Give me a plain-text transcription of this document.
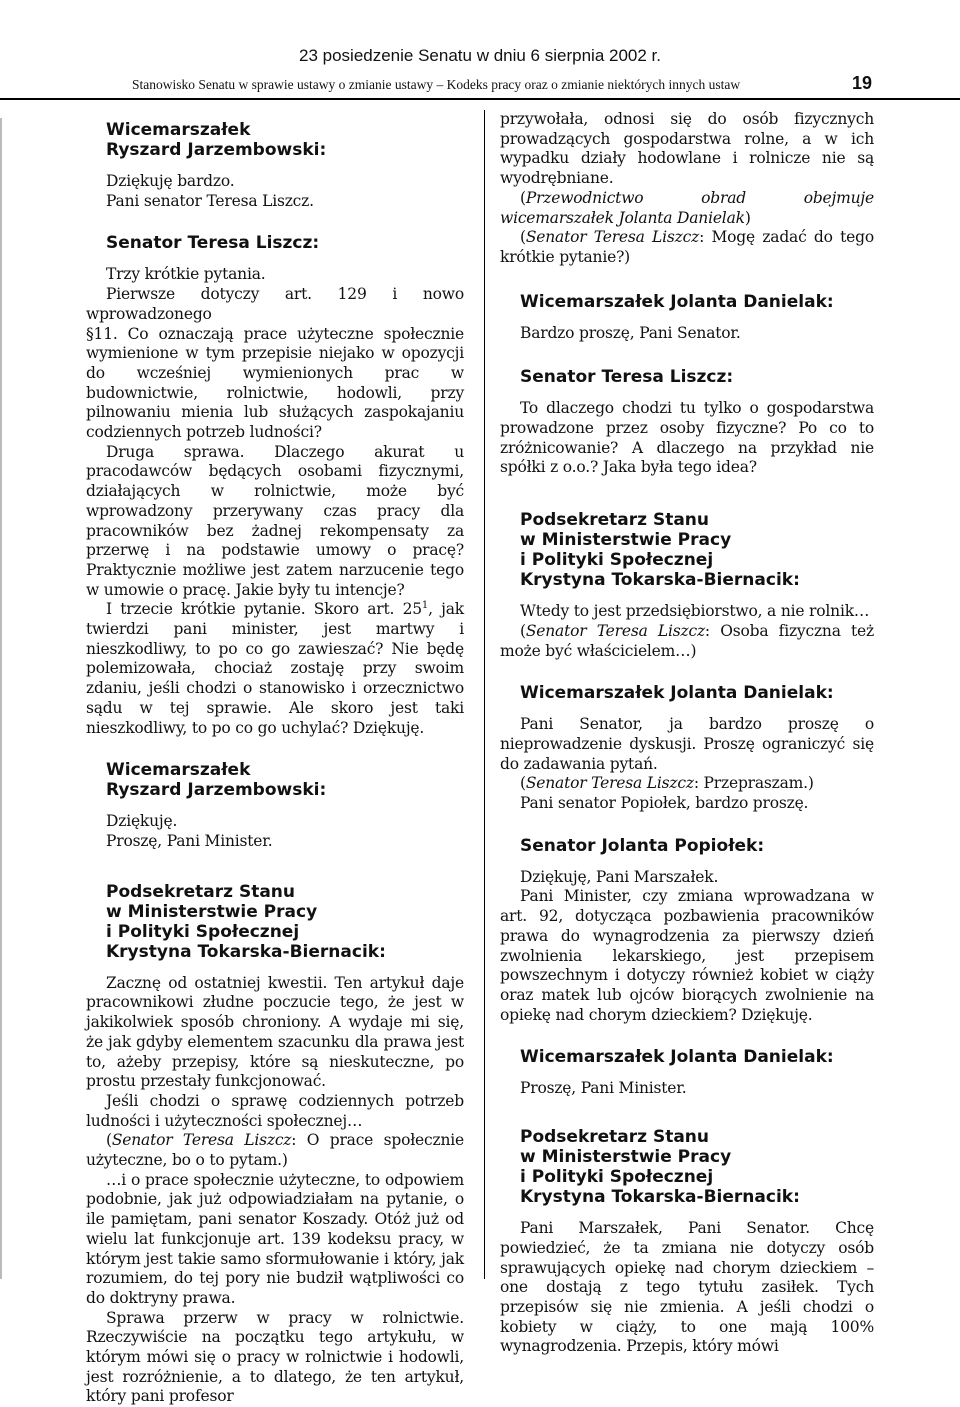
23 posiedzenie Senatu w dniu 6 sierpnia 2002 r.
Stanowisko Senatu w sprawie ustawy o zmianie ustawy – Kodeks pracy oraz o zmianie niektórych innych ustaw	19
Wicemarszałek
Ryszard Jarzembowski:

Dziękuję bardzo.

Pani senator Teresa Liszcz.

Senator Teresa Liszcz:

Trzy krótkie pytania.

Pierwsze dotyczy art. 129 i nowo wprowadzonego

§11. Co oznaczają prace użyteczne społecznie wymienione w tym przepisie niejako w opozycji do wcześniej wymienionych prac w budownictwie, rolnictwie, hodowli, przy pilnowaniu mienia lub służących zaspokajaniu codziennych potrzeb ludności?

Druga sprawa. Dlaczego akurat u pracodawców będących osobami fizycznymi, działających w rolnictwie, może być wprowadzony przerywany czas pracy dla pracowników bez żadnej rekompensaty za przerwę i na podstawie umowy o pracę? Praktycznie możliwe jest zatem narzucenie tego w umowie o pracę. Jakie były tu intencje?

I trzecie krótkie pytanie. Skoro art. $25^1$, jak twierdzi pani minister, jest martwy i nieszkodliwy, to po co go zawieszać? Nie będę polemizowała, chociaż zostaję przy swoim zdaniu, jeśli chodzi o stanowisko i orzecznictwo sądu w tej sprawie. Ale skoro jest taki nieszkodliwy, to po co go uchylać? Dziękuję.

Wicemarszałek
Ryszard Jarzembowski:

Dziękuję.

Proszę, Pani Minister.

Podsekretarz Stanu
w Ministerstwie Pracy
i Polityki Społecznej
Krystyna Tokarska-Biernacik:

Zacznę od ostatniej kwestii. Ten artykuł daje pracownikowi złudne poczucie tego, że jest w jakikolwiek sposób chroniony. A wydaje mi się, że jak gdyby elementem szacunku dla prawa jest to, ażeby przepisy, które są nieskuteczne, po prostu przestały funkcjonować.

Jeśli chodzi o sprawę codziennych potrzeb ludności i użyteczności społecznej…

(Senator Teresa Liszcz: O prace społecznie użyteczne, bo o to pytam.)

…i o prace społecznie użyteczne, to odpowiem podobnie, jak już odpowiadziałam na pytanie, o ile pamiętam, pani senator Koszady. Otóż już od wielu lat funkcjonuje art. 139 kodeksu pracy, w którym jest takie samo sformułowanie i który, jak rozumiem, do tej pory nie budził wątpliwości co do doktryny prawa.

Sprawa przerw w pracy w rolnictwie. Rzeczywiście na początku tego artykułu, w którym mówi się o pracy w rolnictwie i hodowli, jest rozróżnienie, a to dlatego, że ten artykuł, który pani profesor

przywołała, odnosi się do osób fizycznych prowadzących gospodarstwa rolne, a w ich wypadku działy hodowlane i rolnicze nie są wyodrębniane.

(Przewodnictwo obrad obejmuje wicemarszałek Jolanta Danielak)

(Senator Teresa Liszcz: Mogę zadać do tego krótkie pytanie?)

Wicemarszałek Jolanta Danielak:

Bardzo proszę, Pani Senator.

Senator Teresa Liszcz:

To dlaczego chodzi tu tylko o gospodarstwa prowadzone przez osoby fizyczne? Po co to zróżnicowanie? A dlaczego na przykład nie spółki z o.o.? Jaka była tego idea?

Podsekretarz Stanu
w Ministerstwie Pracy
i Polityki Społecznej
Krystyna Tokarska-Biernacik:

Wtedy to jest przedsiębiorstwo, a nie rolnik…

(Senator Teresa Liszcz: Osoba fizyczna też może być właścicielem…)

Wicemarszałek Jolanta Danielak:

Pani Senator, ja bardzo proszę o nieprowadzenie dyskusji. Proszę ograniczyć się do zadawania pytań.

(Senator Teresa Liszcz: Przepraszam.)

Pani senator Popiołek, bardzo proszę.

Senator Jolanta Popiołek:

Dziękuję, Pani Marszałek.

Pani Minister, czy zmiana wprowadzana w art. 92, dotycząca pozbawienia pracowników prawa do wynagrodzenia za pierwszy dzień zwolnienia lekarskiego, jest przepisem powszechnym i dotyczy również kobiet w ciąży oraz matek lub ojców biorących zwolnienie na opiekę nad chorym dzieckiem? Dziękuję.

Wicemarszałek Jolanta Danielak:

Proszę, Pani Minister.

Podsekretarz Stanu
w Ministerstwie Pracy
i Polityki Społecznej
Krystyna Tokarska-Biernacik:

Pani Marszałek, Pani Senator. Chcę powiedzieć, że ta zmiana nie dotyczy osób sprawujących opiekę nad chorym dzieckiem – one dostają z tego tytułu zasiłek. Tych przepisów się nie zmienia. A jeśli chodzi o kobiety w ciąży, to one mają 100% wynagrodzenia. Przepis, który mówi
